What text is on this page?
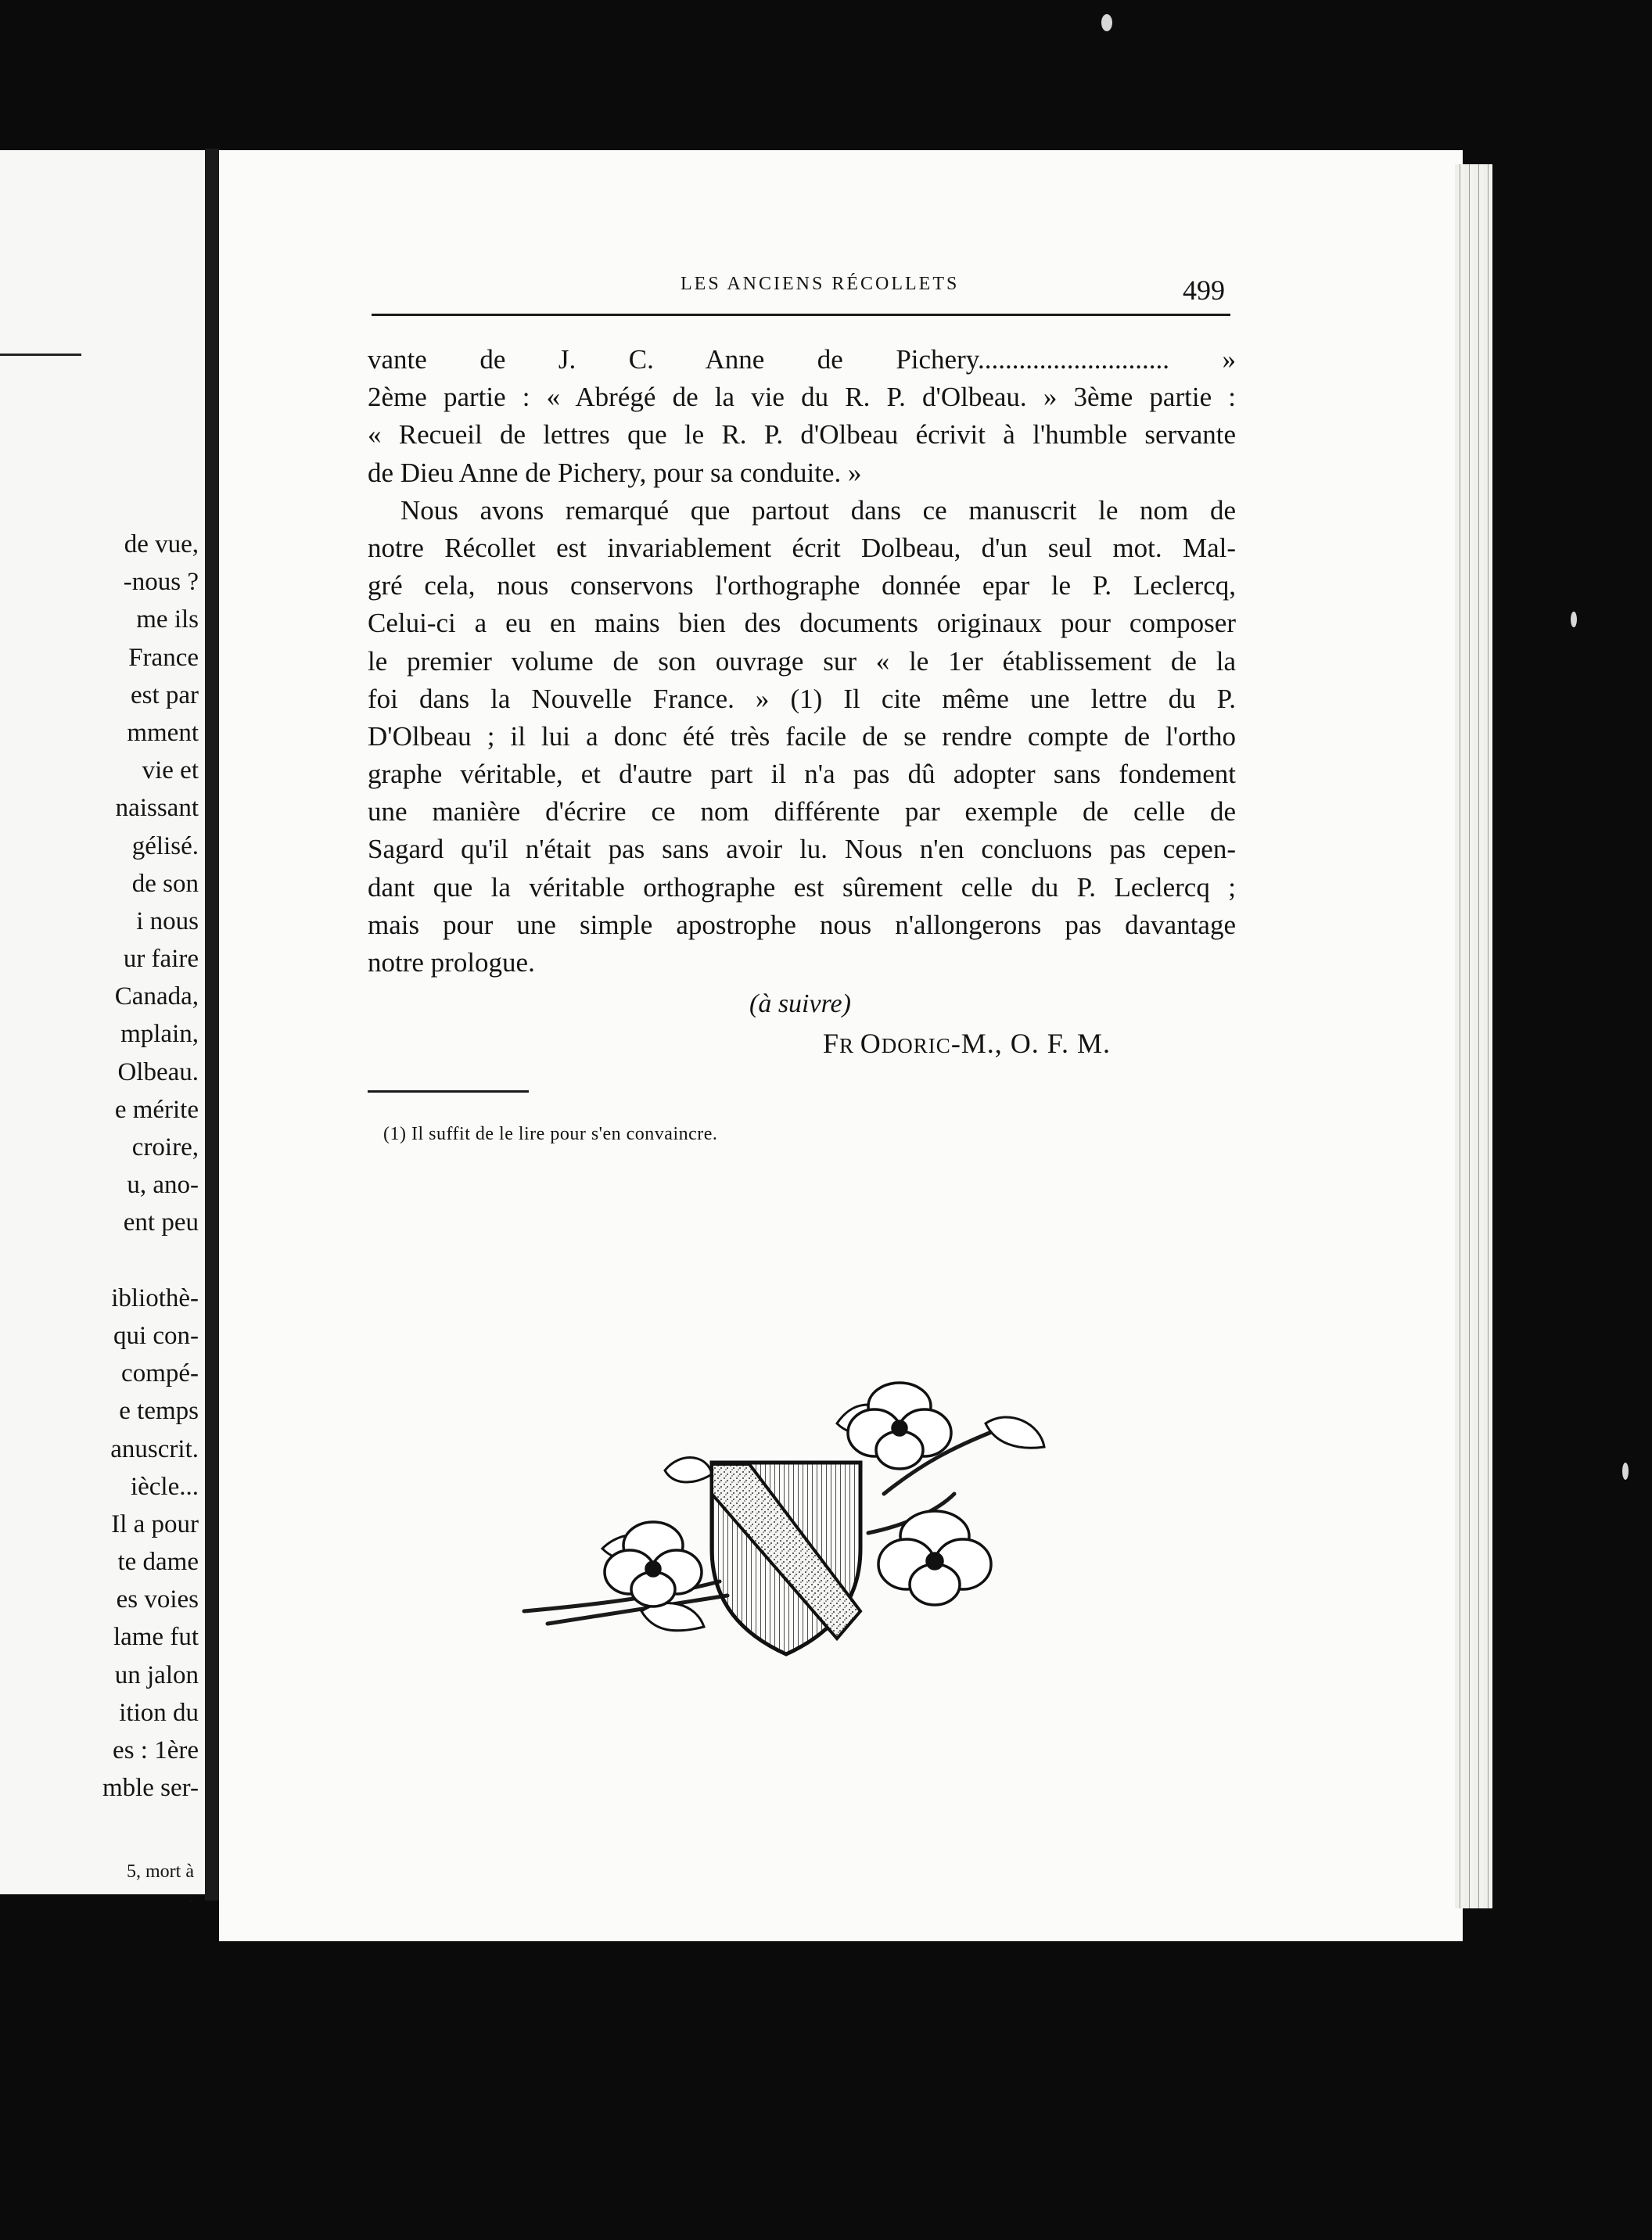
de vue,
-nous ?
me ils
France
est par
mment
vie et
naissant
gélisé.
de son
i nous
ur faire
Canada,
mplain,
Olbeau.
e mérite
croire,
u, ano-
ent peu
ibliothè-
qui con-
compé-
e temps
anuscrit.
iècle...
Il a pour
te dame
es voies
lame fut
un jalon
ition du
es : 1ère
mble ser-
5, mort à
.
LES ANCIENS RÉCOLLETS	499

vante de J. C. Anne de Pichery............................ »
2ème partie : « Abrégé de la vie du R. P. d'Olbeau. » 3ème partie :
« Recueil de lettres que le R. P. d'Olbeau écrivit à l'humble servante
de Dieu Anne de Pichery, pour sa conduite. »

Nous avons remarqué que partout dans ce manuscrit le nom de
notre Récollet est invariablement écrit Dolbeau, d'un seul mot. Mal-
gré cela, nous conservons l'orthographe donnée epar le P. Leclercq,
Celui-ci a eu en mains bien des documents originaux pour composer
le premier volume de son ouvrage sur « le 1er établissement de la
foi dans la Nouvelle France. » (1) Il cite même une lettre du P.
D'Olbeau ; il lui a donc été très facile de se rendre compte de l'ortho
graphe véritable, et d'autre part il n'a pas dû adopter sans fondement
une manière d'écrire ce nom différente par exemple de celle de
Sagard qu'il n'était pas sans avoir lu. Nous n'en concluons pas cepen-
dant que la véritable orthographe est sûrement celle du P. Leclercq ;
mais pour une simple apostrophe nous n'allongerons pas davantage
notre prologue.

(à suivre)
FR ODORIC-M., O. F. M.
(1) Il suffit de le lire pour s'en convaincre.
